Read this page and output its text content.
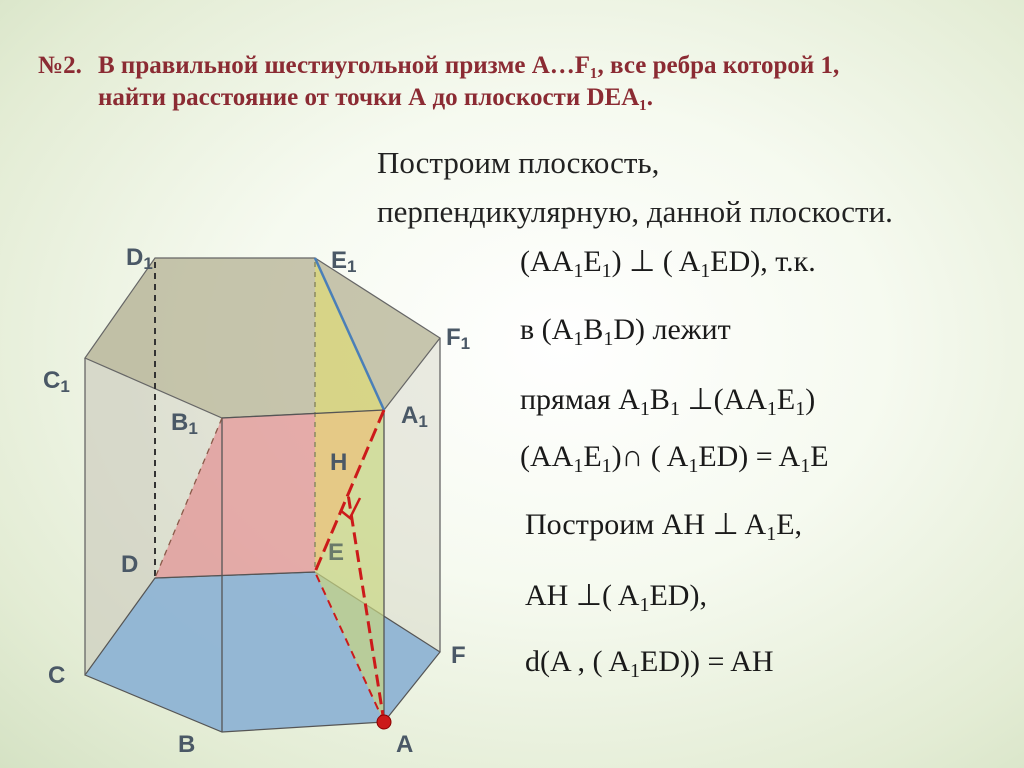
№2. В правильной шестиугольной призме A…F₁, все ребра которой 1,
найти расстояние от точки А до плоскости DEA₁.
Построим плоскость,
перпендикулярную, данной плоскости.
$(AA_1E_1)$ ⊥ ( $A_1ED$), т.к.
в $(A_1B_1D)$ лежит
прямая $A_1B_1$ $\perp(AA_1E_1)$
$(AA_1E_1)\cap$ ( $A_1ED) = A_1E$
Построим AH ⊥ $A_1E$,
AH ⊥( $A_1ED$),
d(A , ( $A_1ED$)) = AH
D1	E1
F1
C1
B1	A1
H
E
D
C
F
B	A
